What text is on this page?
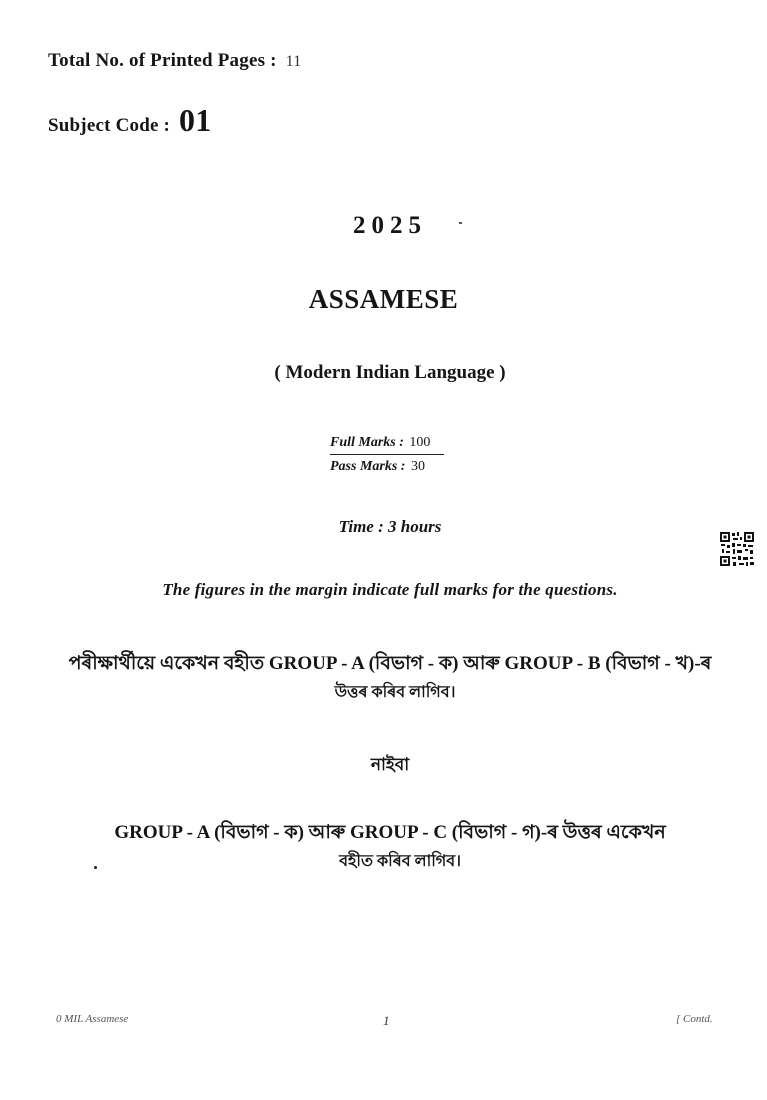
Total No. of Printed Pages : 11
Subject Code : 01
2025
ASSAMESE
( Modern Indian Language )
Full Marks : 100
Pass Marks : 30
Time : 3 hours
The figures in the margin indicate full marks for the questions.
পৰীক্ষাৰ্থীয়ে একেখন বহীত GROUP - A (বিভাগ - ক) আৰু GROUP - B (বিভাগ - খ)-ৰ
উত্তৰ কৰিব লাগিব।
নাইবা
GROUP - A (বিভাগ - ক) আৰু GROUP - C (বিভাগ - গ)-ৰ উত্তৰ একেখন
বহীত কৰিব লাগিব।
0 MIL Assamese	1	[ Contd.
